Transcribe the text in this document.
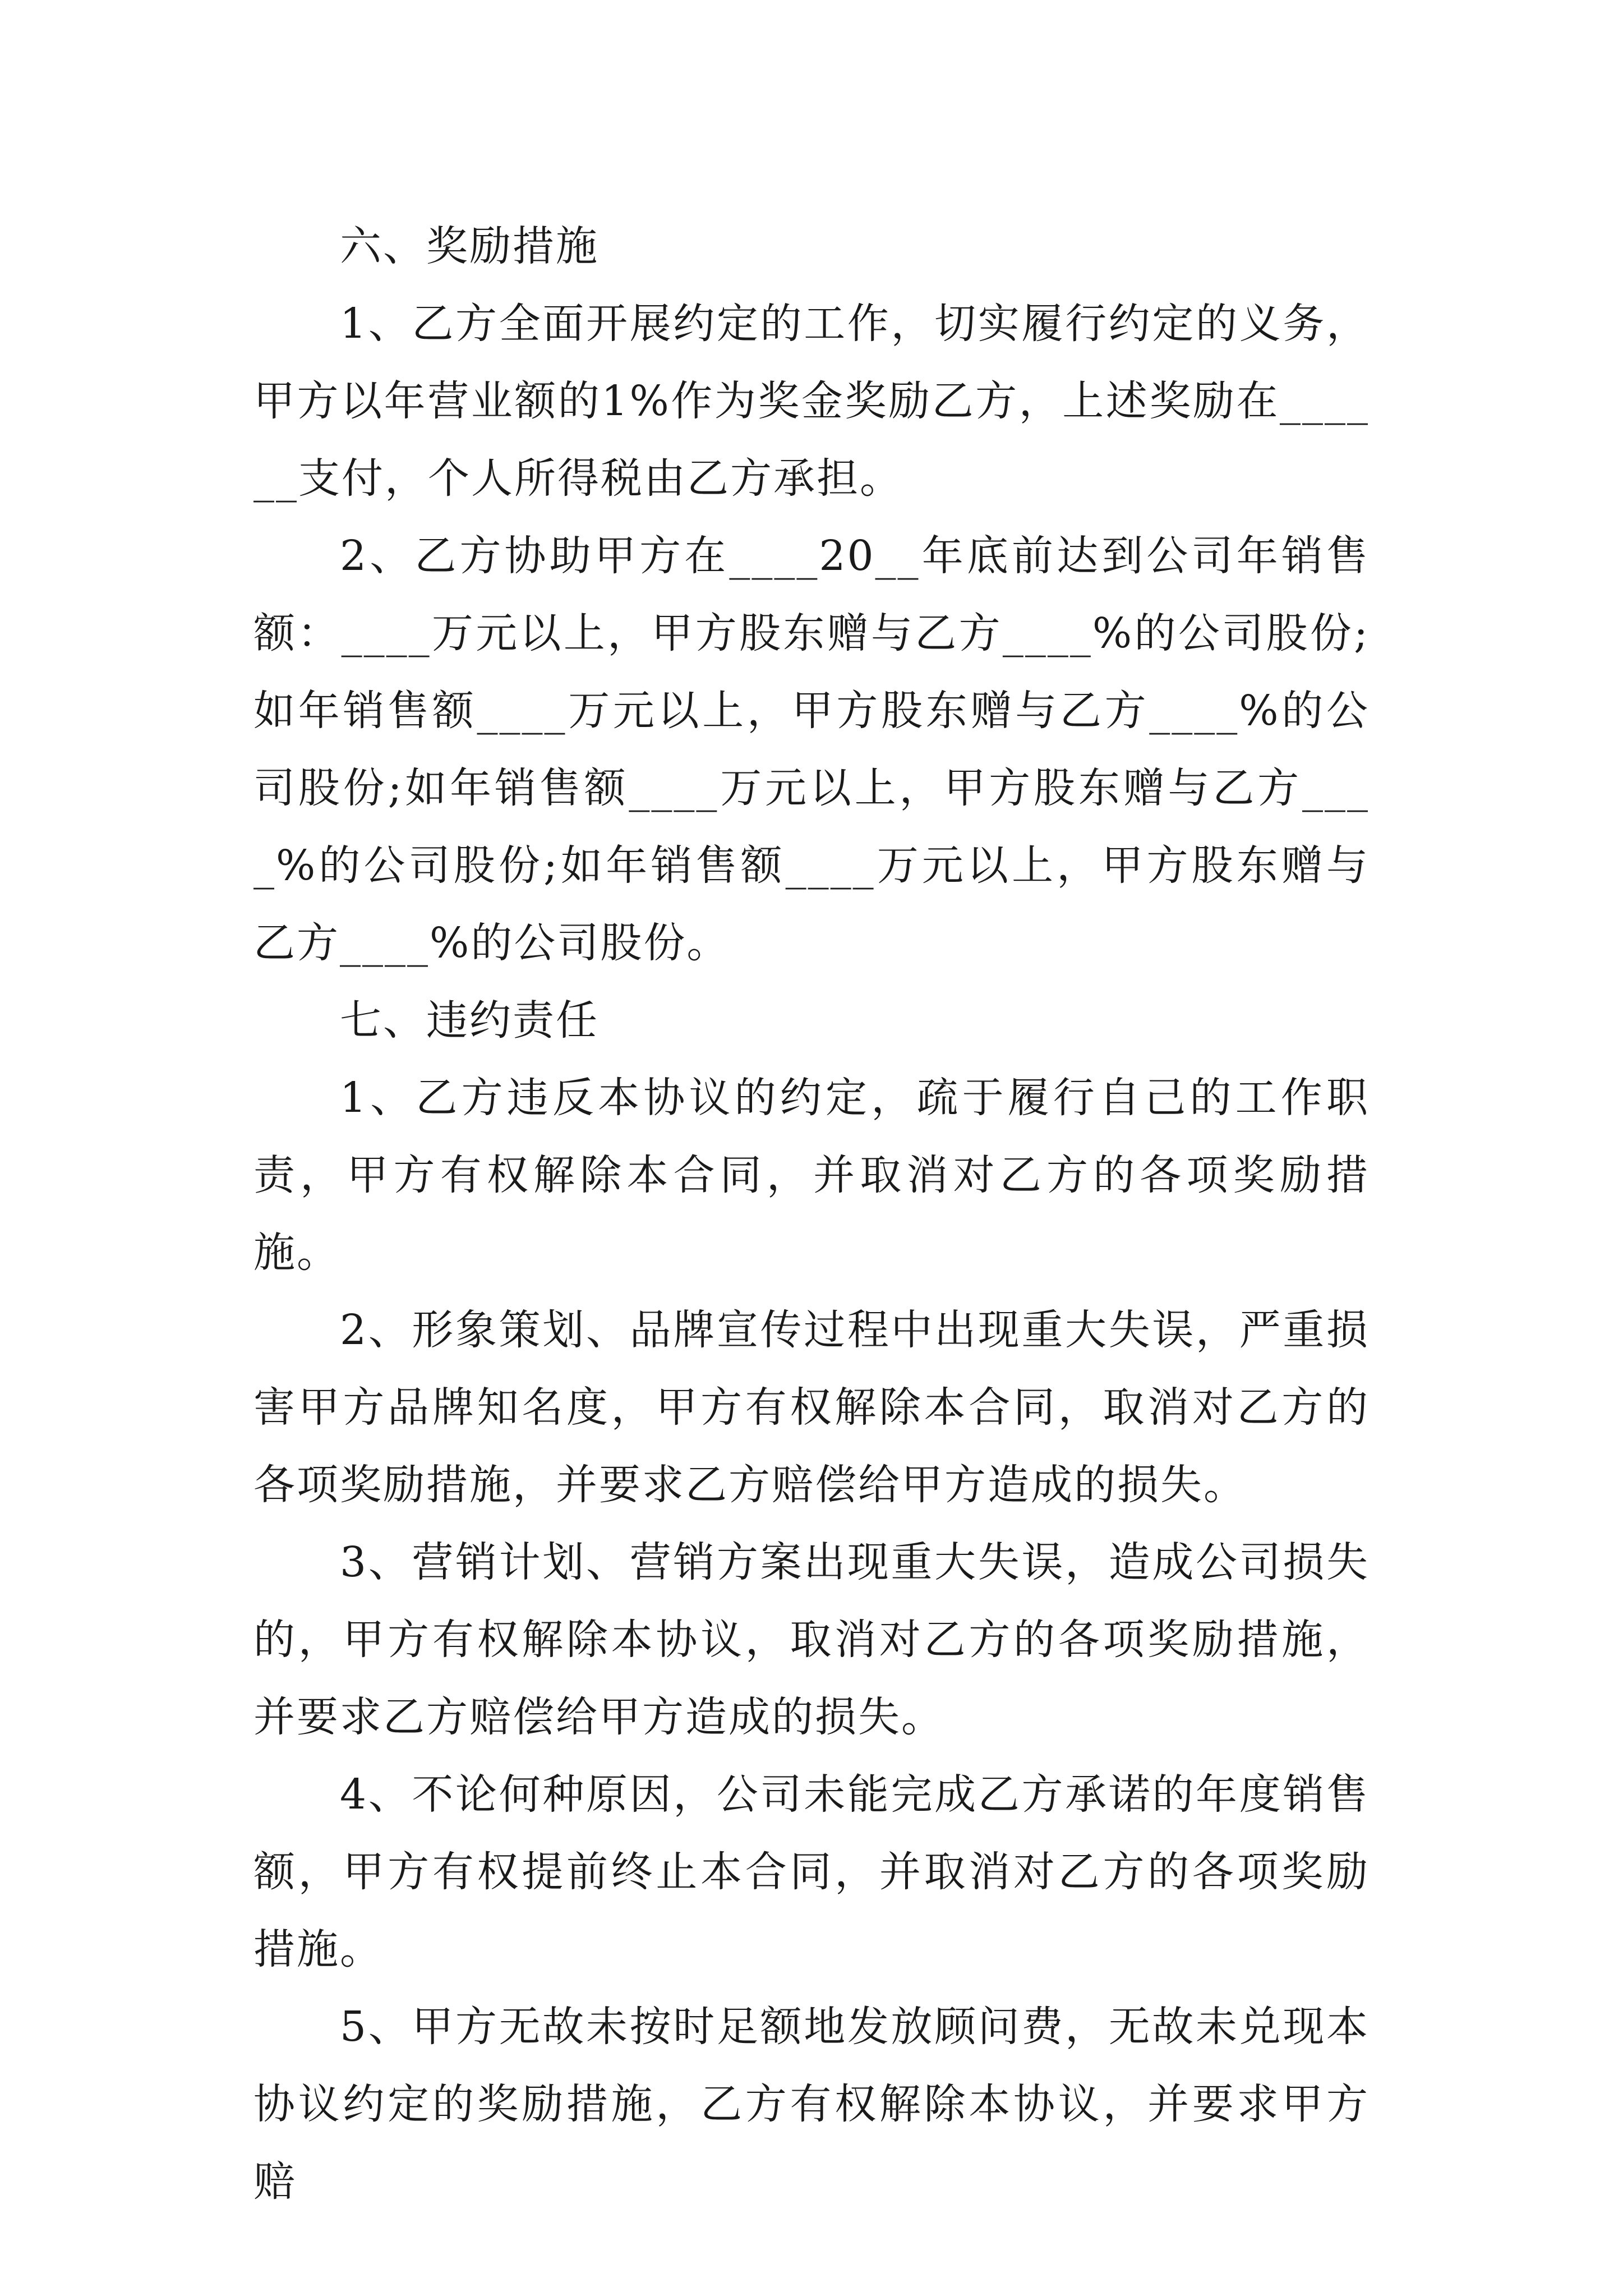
六、奖励措施

1、乙方全面开展约定的工作，切实履行约定的义务，甲方以年营业额的1%作为奖金奖励乙方，上述奖励在______支付，个人所得税由乙方承担。

2、乙方协助甲方在____20__年底前达到公司年销售额：____万元以上，甲方股东赠与乙方____%的公司股份;如年销售额____万元以上，甲方股东赠与乙方____%的公司股份;如年销售额____万元以上，甲方股东赠与乙方____%的公司股份;如年销售额____万元以上，甲方股东赠与乙方____%的公司股份。

七、违约责任

1、乙方违反本协议的约定，疏于履行自己的工作职责，甲方有权解除本合同，并取消对乙方的各项奖励措施。

2、形象策划、品牌宣传过程中出现重大失误，严重损害甲方品牌知名度，甲方有权解除本合同，取消对乙方的各项奖励措施，并要求乙方赔偿给甲方造成的损失。

3、营销计划、营销方案出现重大失误，造成公司损失的，甲方有权解除本协议，取消对乙方的各项奖励措施，并要求乙方赔偿给甲方造成的损失。

4、不论何种原因，公司未能完成乙方承诺的年度销售额，甲方有权提前终止本合同，并取消对乙方的各项奖励措施。

5、甲方无故未按时足额地发放顾问费，无故未兑现本协议约定的奖励措施，乙方有权解除本协议，并要求甲方赔
